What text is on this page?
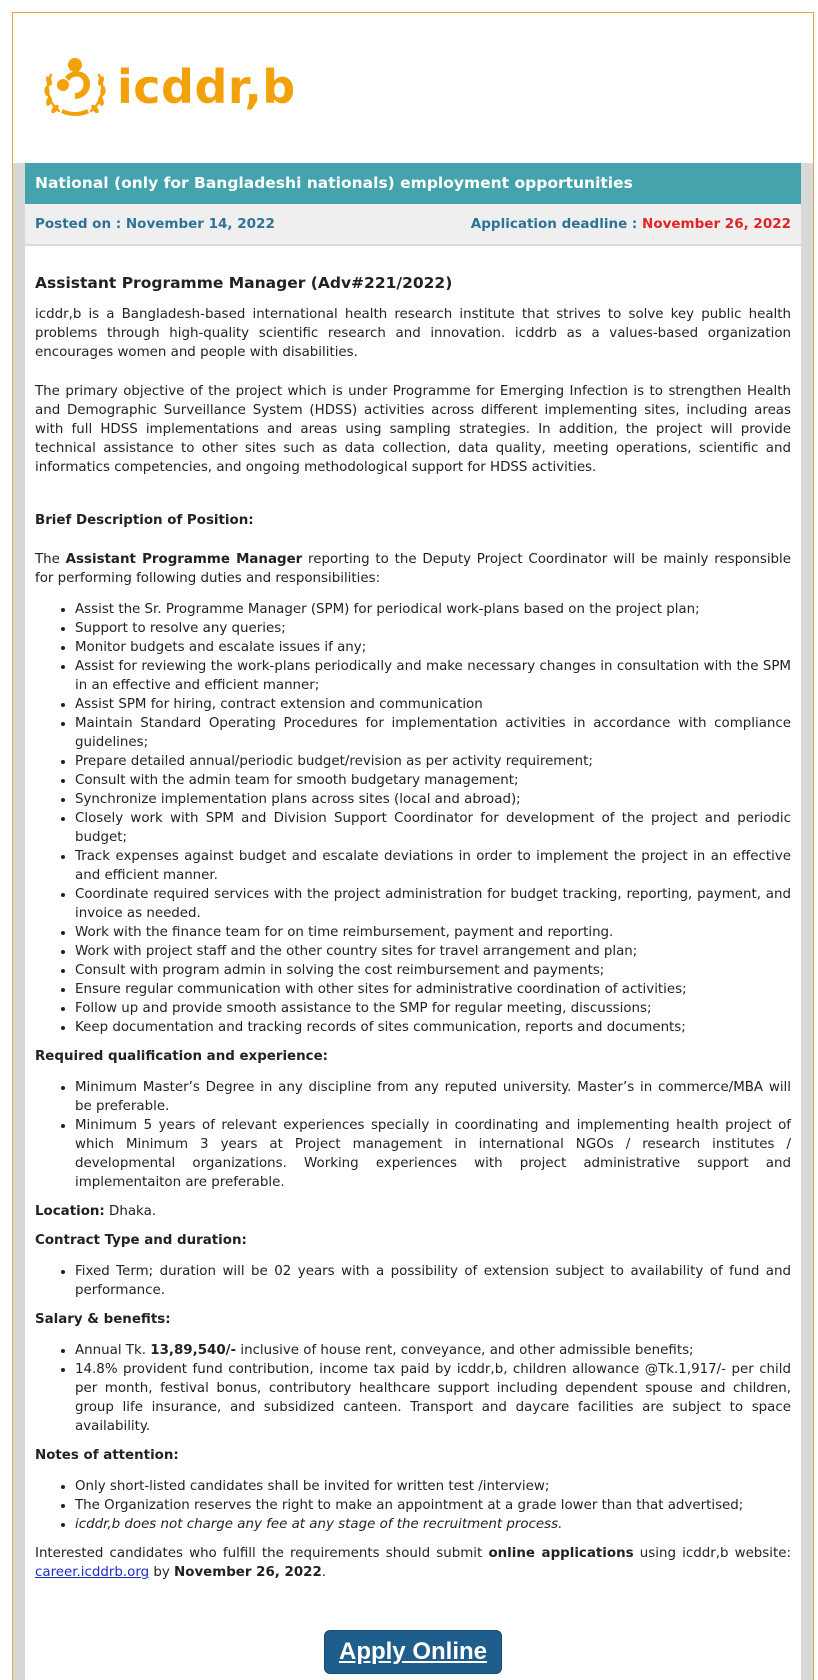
icddr,b
National (only for Bangladeshi nationals) employment opportunities
Posted on : November 14, 2022	Application deadline : November 26, 2022
Assistant Programme Manager (Adv#221/2022)

icddr,b is a Bangladesh-based international health research institute that strives to solve key public health problems through high-quality scientific research and innovation. icddrb as a values-based organization encourages women and people with disabilities.

The primary objective of the project which is under Programme for Emerging Infection is to strengthen Health and Demographic Surveillance System (HDSS) activities across different implementing sites, including areas with full HDSS implementations and areas using sampling strategies. In addition, the project will provide technical assistance to other sites such as data collection, data quality, meeting operations, scientific and informatics competencies, and ongoing methodological support for HDSS activities.

Brief Description of Position:

The Assistant Programme Manager reporting to the Deputy Project Coordinator will be mainly responsible for performing following duties and responsibilities:

• Assist the Sr. Programme Manager (SPM) for periodical work-plans based on the project plan;
• Support to resolve any queries;
• Monitor budgets and escalate issues if any;
• Assist for reviewing the work-plans periodically and make necessary changes in consultation with the SPM in an effective and efficient manner;
• Assist SPM for hiring, contract extension and communication
• Maintain Standard Operating Procedures for implementation activities in accordance with compliance guidelines;
• Prepare detailed annual/periodic budget/revision as per activity requirement;
• Consult with the admin team for smooth budgetary management;
• Synchronize implementation plans across sites (local and abroad);
• Closely work with SPM and Division Support Coordinator for development of the project and periodic budget;
• Track expenses against budget and escalate deviations in order to implement the project in an effective and efficient manner.
• Coordinate required services with the project administration for budget tracking, reporting, payment, and invoice as needed.
• Work with the finance team for on time reimbursement, payment and reporting.
• Work with project staff and the other country sites for travel arrangement and plan;
• Consult with program admin in solving the cost reimbursement and payments;
• Ensure regular communication with other sites for administrative coordination of activities;
• Follow up and provide smooth assistance to the SMP for regular meeting, discussions;
• Keep documentation and tracking records of sites communication, reports and documents;

Required qualification and experience:

• Minimum Master’s Degree in any discipline from any reputed university. Master’s in commerce/MBA will be preferable.
• Minimum 5 years of relevant experiences specially in coordinating and implementing health project of which Minimum 3 years at Project management in international NGOs / research institutes / developmental organizations. Working experiences with project administrative support and implementaiton are preferable.

Location: Dhaka.

Contract Type and duration:

• Fixed Term; duration will be 02 years with a possibility of extension subject to availability of fund and performance.

Salary & benefits:

• Annual Tk. 13,89,540/- inclusive of house rent, conveyance, and other admissible benefits;
• 14.8% provident fund contribution, income tax paid by icddr,b, children allowance @Tk.1,917/- per child per month, festival bonus, contributory healthcare support including dependent spouse and children, group life insurance, and subsidized canteen. Transport and daycare facilities are subject to space availability.

Notes of attention:

• Only short-listed candidates shall be invited for written test /interview;
• The Organization reserves the right to make an appointment at a grade lower than that advertised;
• icddr,b does not charge any fee at any stage of the recruitment process.

Interested candidates who fulfill the requirements should submit online applications using icddr,b website: career.icddrb.org by November 26, 2022.

Apply Online
